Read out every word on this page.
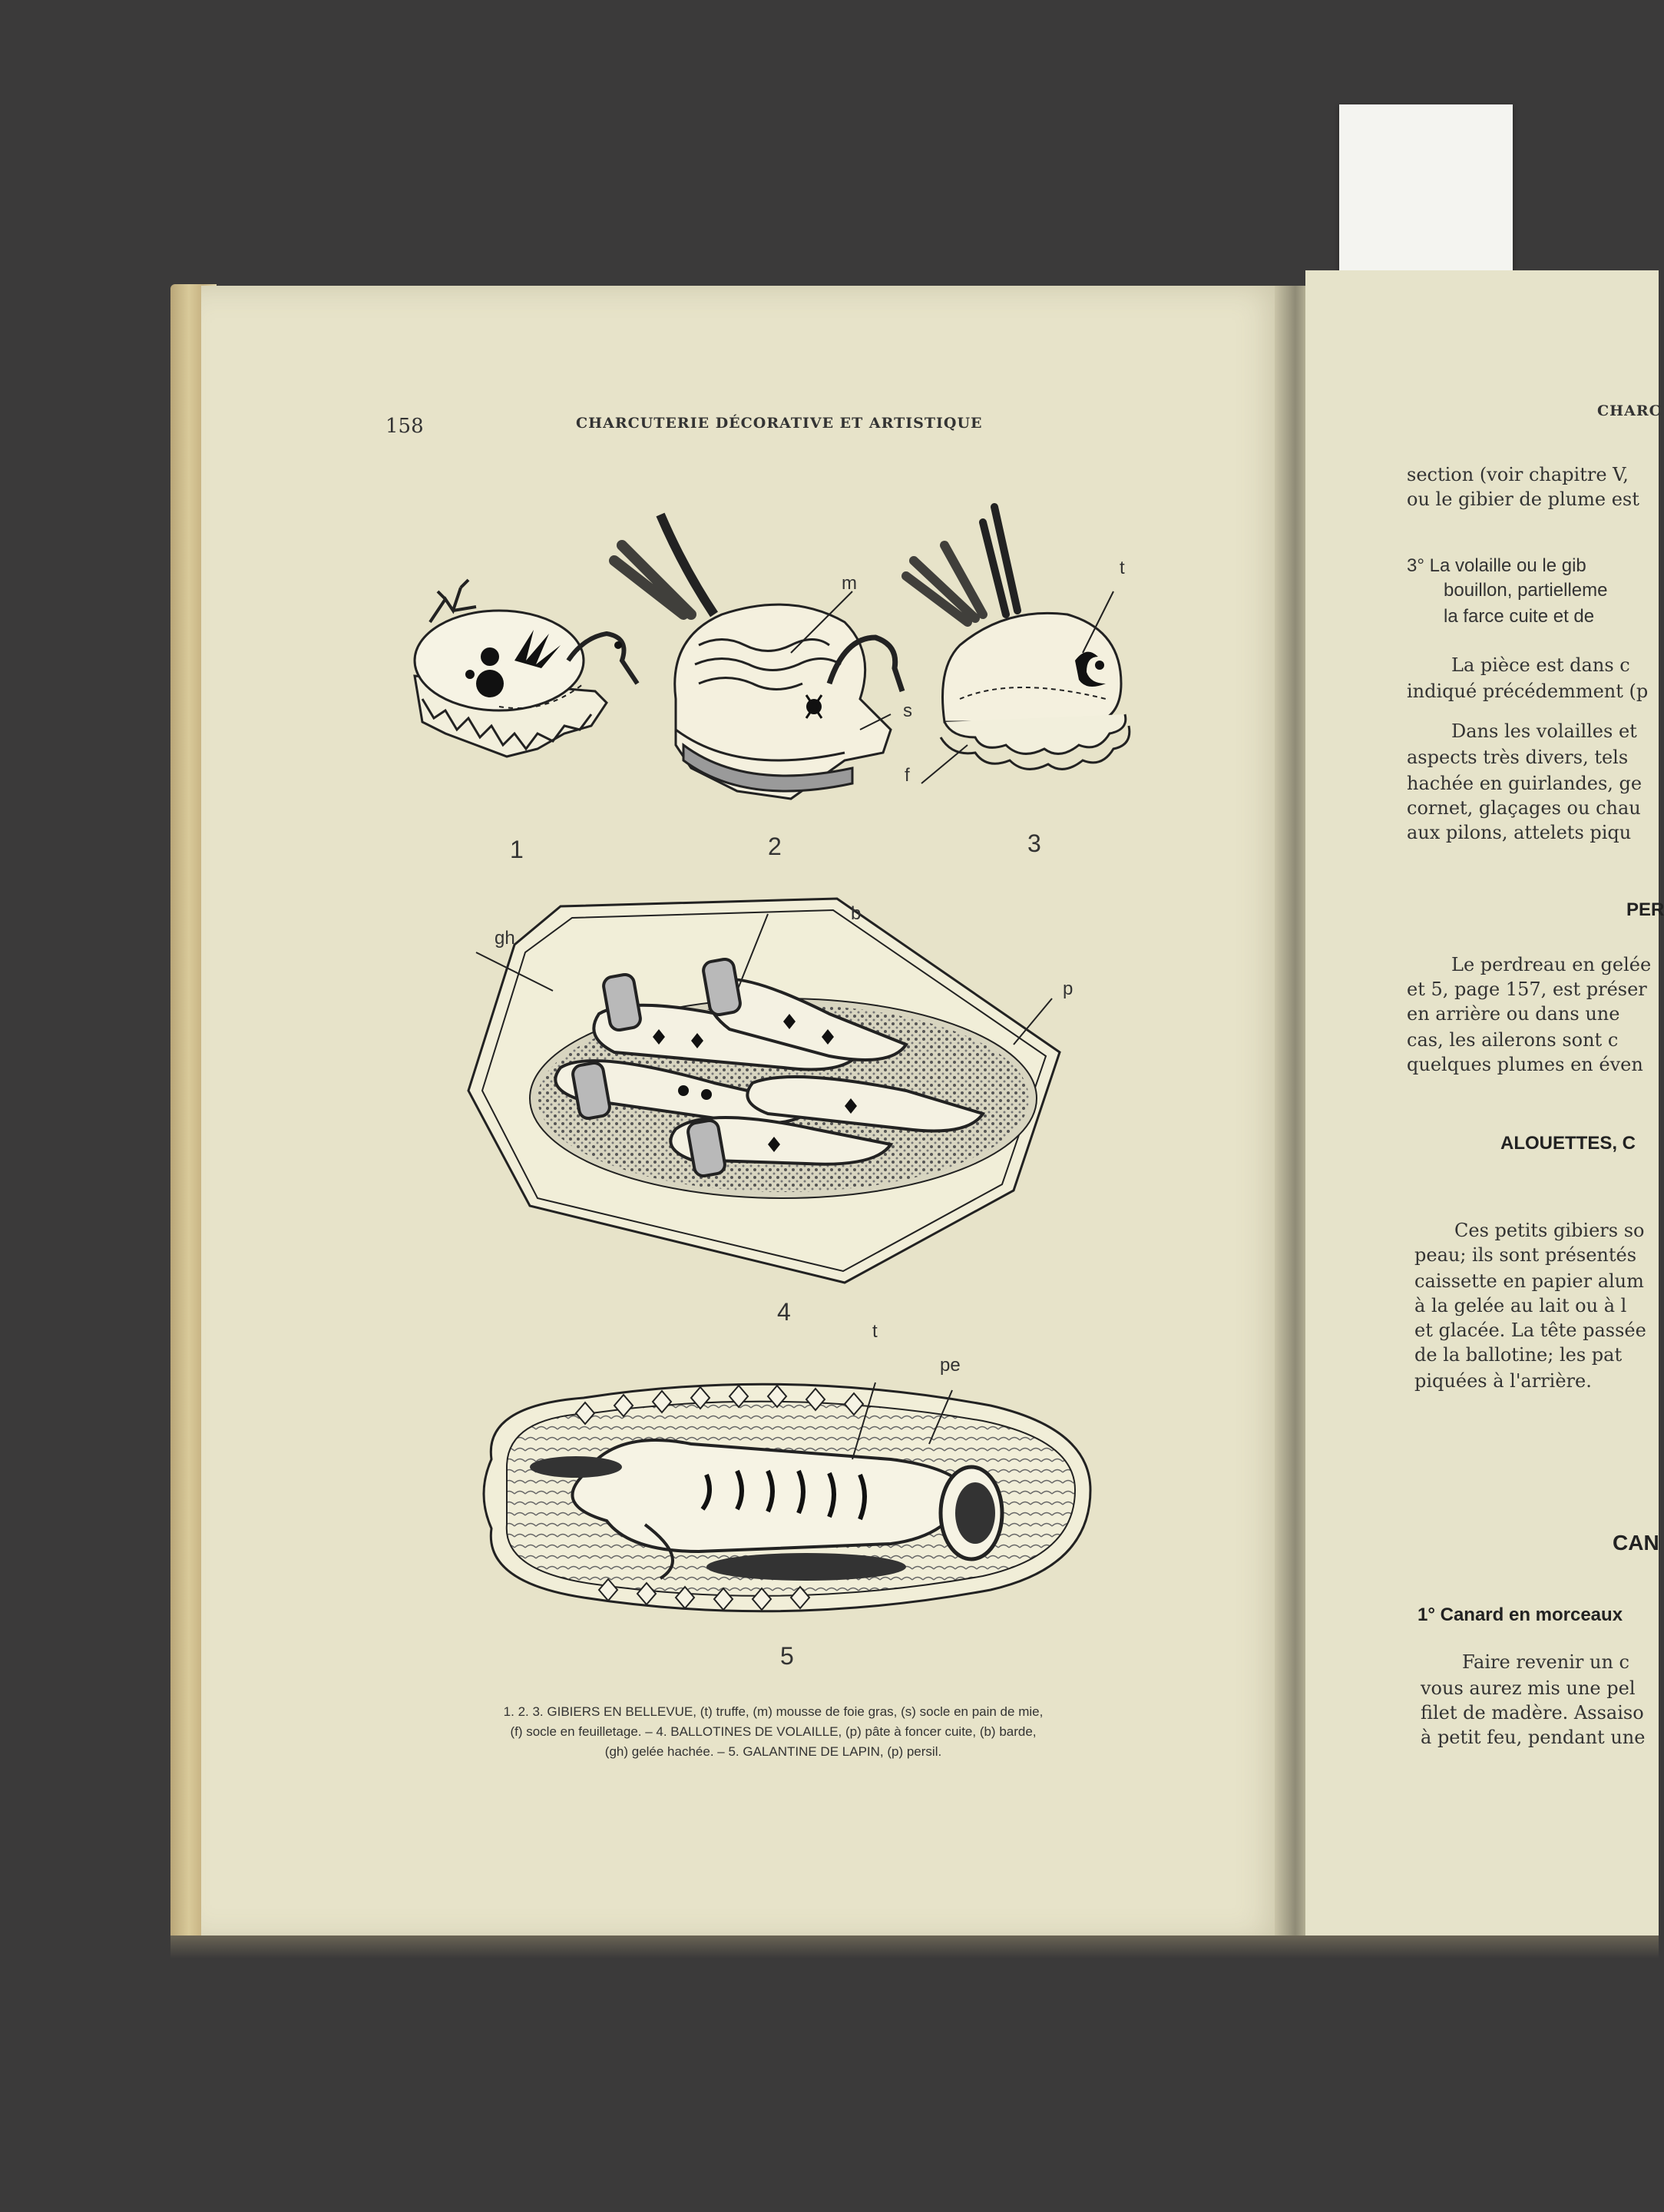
158	CHARCUTERIE DÉCORATIVE ET ARTISTIQUE
m
s
t
f
1	2	3
gh
b
p
4
t
pe
5
1. 2. 3. GIBIERS EN BELLEVUE, (t) truffe, (m) mousse de foie gras, (s) socle en pain de mie,
(f) socle en feuilletage. – 4. BALLOTINES DE VOLAILLE, (p) pâte à foncer cuite, (b) barde,
(gh) gelée hachée. – 5. GALANTINE DE LAPIN, (p) persil.
CHARC
section (voir chapitre V,
ou le gibier de plume est
3° La volaille ou le gib
bouillon, partielleme
la farce cuite et de
La pièce est dans c
indiqué précédemment (p
Dans les volailles et
aspects très divers, tels
hachée en guirlandes, ge
cornet, glaçages ou chau
aux pilons, attelets piqu
PER
Le perdreau en gelée
et 5, page 157, est préser
en arrière ou dans une
cas, les ailerons sont c
quelques plumes en éven
ALOUETTES, C
Ces petits gibiers so
peau; ils sont présentés
caissette en papier alum
à la gelée au lait ou à l
et glacée. La tête passée
de la ballotine; les pat
piquées à l'arrière.
CAN
1° Canard en morceaux
Faire revenir un c
vous aurez mis une pel
filet de madère. Assaiso
à petit feu, pendant une
